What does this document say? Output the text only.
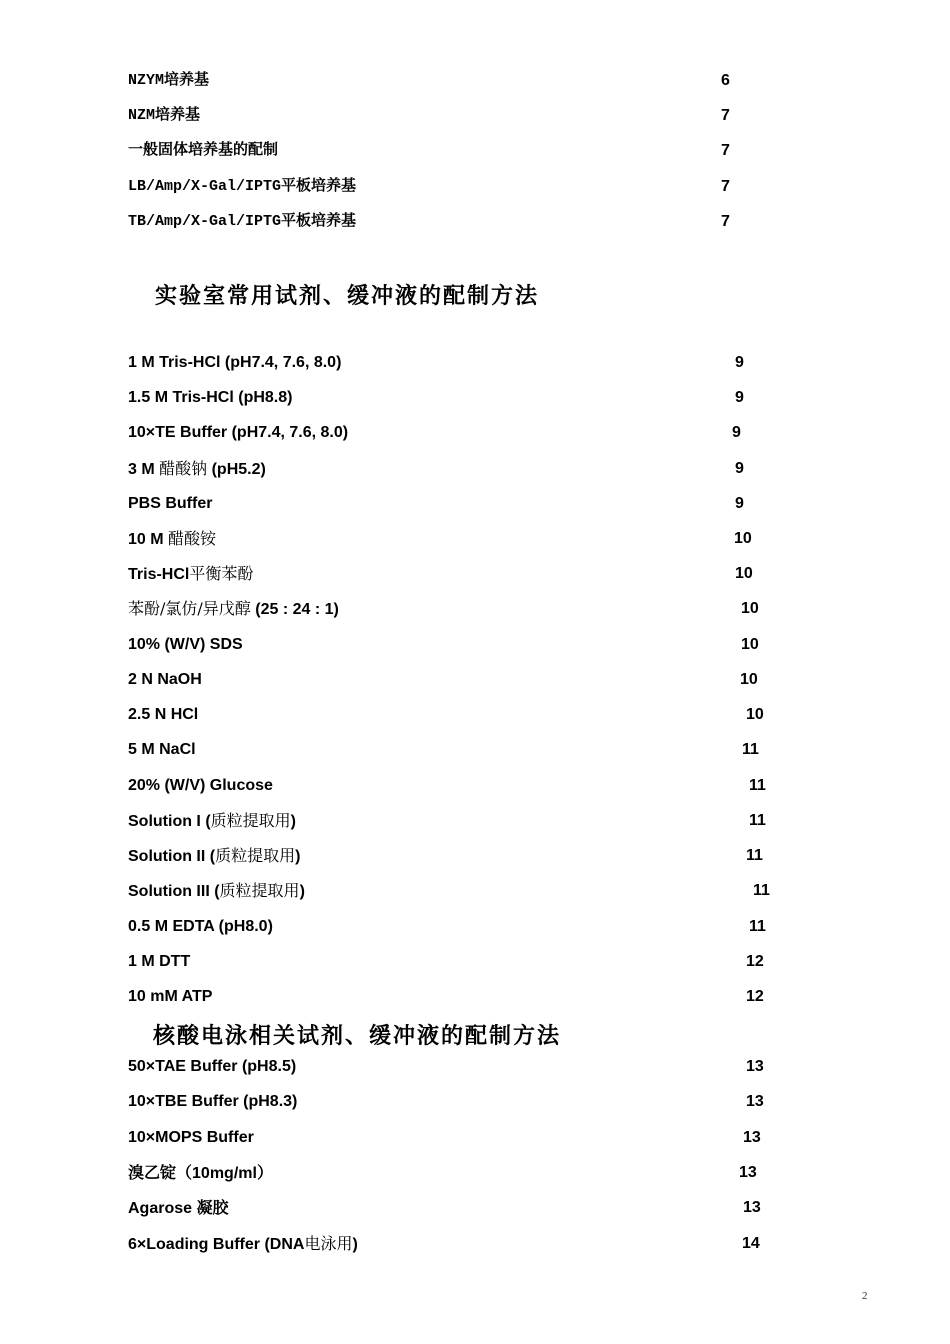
NZYM培养基	6
NZM培养基	7
一般固体培养基的配制	7
LB/Amp/X-Gal/IPTG平板培养基	7
TB/Amp/X-Gal/IPTG平板培养基	7
实验室常用试剂、缓冲液的配制方法
1 M Tris-HCl (pH7.4, 7.6, 8.0)	9
1.5 M Tris-HCl (pH8.8)	9
10×TE Buffer (pH7.4, 7.6, 8.0)	9
3 M 醋酸钠 (pH5.2)	9
PBS Buffer	9
10 M 醋酸铵	10
Tris-HCl平衡苯酚	10
苯酚/氯仿/异戊醇 (25 : 24 : 1)	10
10% (W/V) SDS	10
2 N NaOH	10
2.5 N HCl	10
5 M NaCl	11
20% (W/V) Glucose	11
Solution I (质粒提取用)	11
Solution II (质粒提取用)	11
Solution III (质粒提取用)	11
0.5 M EDTA (pH8.0)	11
1 M DTT	12
10 mM ATP	12
核酸电泳相关试剂、缓冲液的配制方法
50×TAE Buffer (pH8.5)	13
10×TBE Buffer (pH8.3)	13
10×MOPS Buffer	13
溴乙锭（10mg/ml）	13
Agarose 凝胶	13
6×Loading Buffer (DNA电泳用)	14
2
